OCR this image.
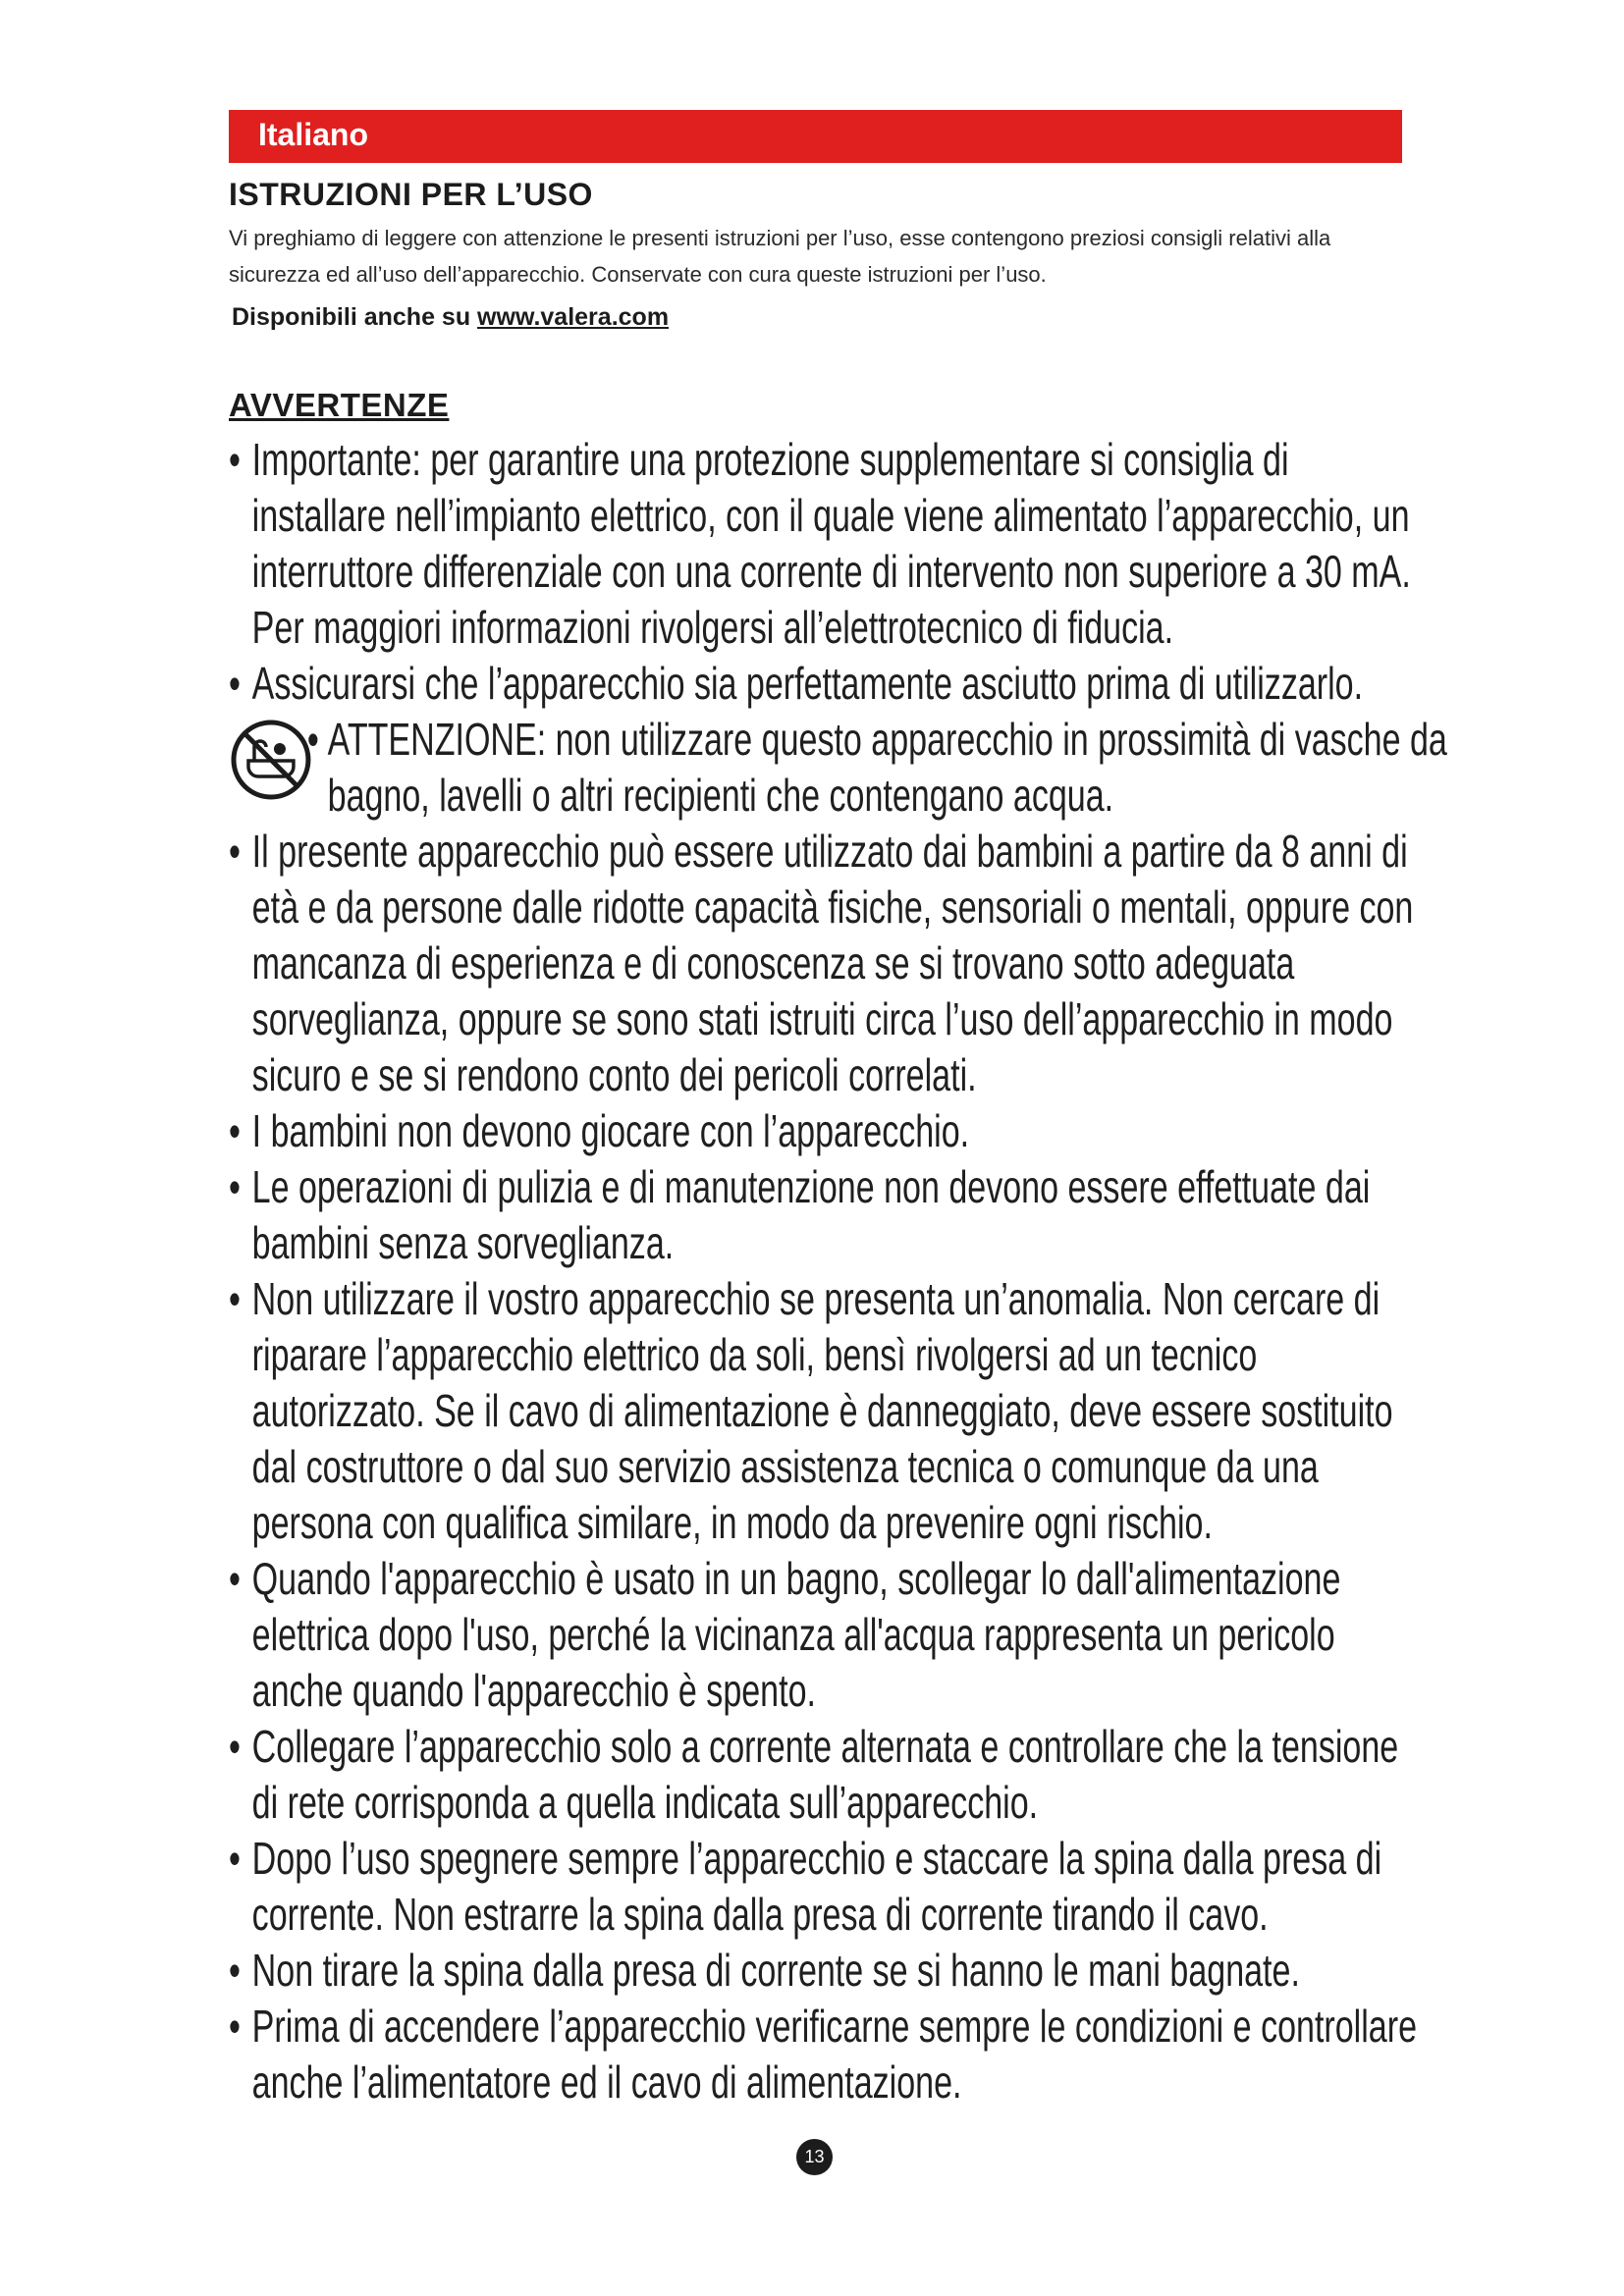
Italiano
ISTRUZIONI PER L’USO
Vi preghiamo di leggere con attenzione le presenti istruzioni per l’uso, esse contengono preziosi consigli relativi alla
sicurezza ed all’uso dell’apparecchio. Conservate con cura queste istruzioni per l’uso.
Disponibili anche su www.valera.com
AVVERTENZE
• Importante: per garantire una protezione supplementare si consiglia di installare nell’impianto elettrico, con il quale viene alimentato l’apparecchio, un interruttore differenziale con una corrente di intervento non superiore a 30 mA. Per maggiori informazioni rivolgersi all’elettrotecnico di fiducia.
• Assicurarsi che l’apparecchio sia perfettamente asciutto prima di utilizzarlo.
• ATTENZIONE: non utilizzare questo apparecchio in prossimità di vasche da bagno, lavelli o altri recipienti che contengano acqua.
• Il presente apparecchio può essere utilizzato dai bambini a partire da 8 anni di età e da persone dalle ridotte capacità fisiche, sensoriali o mentali, oppure con mancanza di esperienza e di conoscenza se si trovano sotto adeguata sorveglianza, oppure se sono stati istruiti circa l’uso dell’apparecchio in modo sicuro e se si rendono conto dei pericoli correlati.
• I bambini non devono giocare con l’apparecchio.
• Le operazioni di pulizia e di manutenzione non devono essere effettuate dai bambini senza sorveglianza.
• Non utilizzare il vostro apparecchio se presenta un’anomalia. Non cercare di riparare l’apparecchio elettrico da soli, bensì rivolgersi ad un tecnico autorizzato. Se il cavo di alimentazione è danneggiato, deve essere sostituito dal costruttore o dal suo servizio assistenza tecnica o comunque da una persona con qualifica similare, in modo da prevenire ogni rischio.
• Quando l'apparecchio è usato in un bagno, scollegar lo dall'alimentazione elettrica dopo l'uso, perché la vicinanza all'acqua rappresenta un pericolo anche quando l'apparecchio è spento.
• Collegare l’apparecchio solo a corrente alternata e controllare che la tensione di rete corrisponda a quella indicata sull’apparecchio.
• Dopo l’uso spegnere sempre l’apparecchio e staccare la spina dalla presa di corrente. Non estrarre la spina dalla presa di corrente tirando il cavo.
• Non tirare la spina dalla presa di corrente se si hanno le mani bagnate.
• Prima di accendere l’apparecchio verificarne sempre le condizioni e controllare anche l’alimentatore ed il cavo di alimentazione.
13
